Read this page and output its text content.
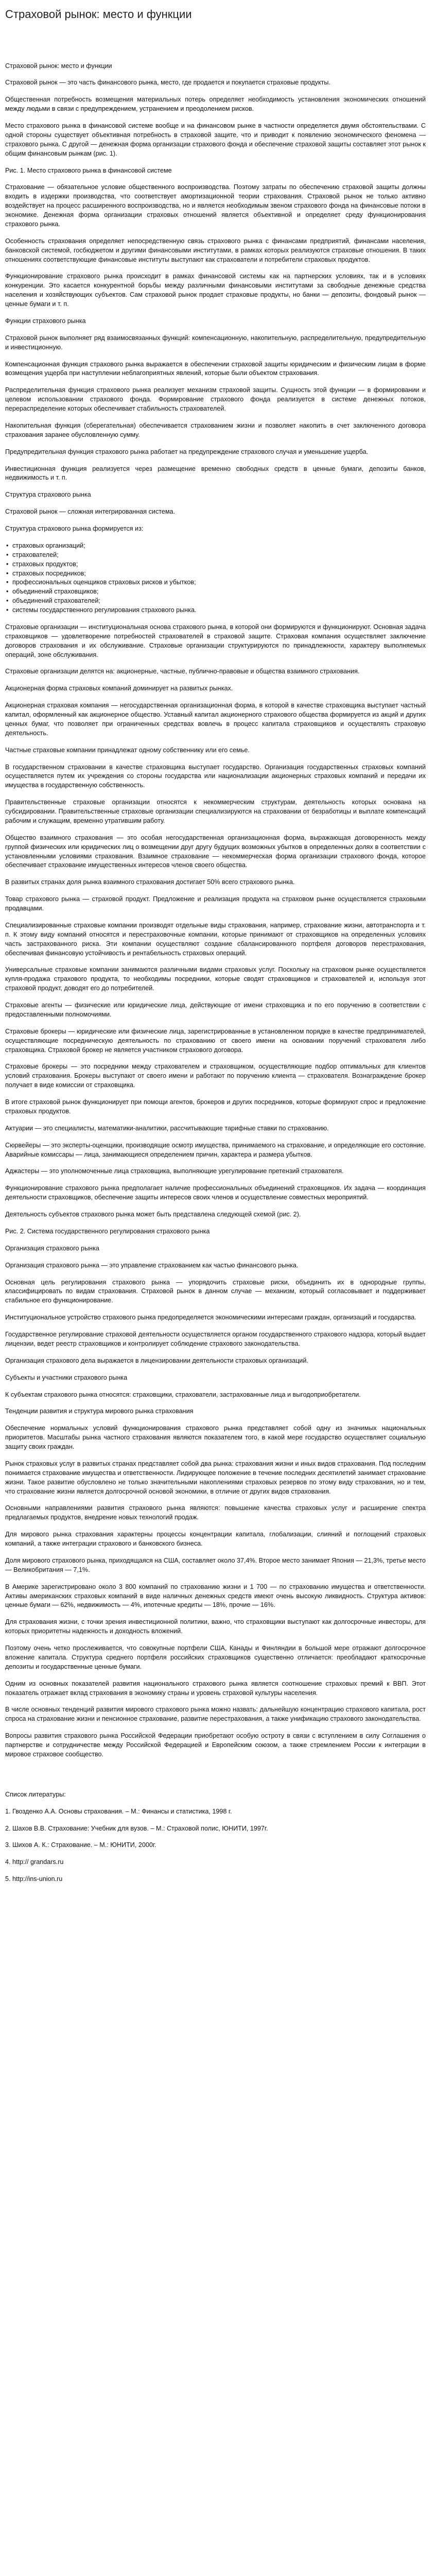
Страховой рынок: место и функции

Страховой рынок: место и функции

Страховой рынок — это часть финансового рынка, место, где продается и покупается страховые продукты.

Общественная потребность возмещения материальных потерь определяет необходимость установления экономических отношений между людьми в связи с предупреждением, устранением и преодолением рисков.

Место страхового рынка в финансовой системе вообще и на финансовом рынке в частности определяется двумя обстоятельствами. С одной стороны существует объективная потребность в страховой защите, что и приводит к появлению экономического феномена — страхового рынка. С другой — денежная форма организации страхового фонда и обеспечение страховой защиты составляет этот рынок к общим финансовым рынкам (рис. 1).

Рис. 1. Место страхового рынка в финансовой системе

Страхование — обязательное условие общественного воспроизводства. Поэтому затраты по обеспечению страховой защиты должны входить в издержки производства, что соответствует амортизационной теории страхования. Страховой рынок не только активно воздействует на процесс расширенного воспроизводства, но и является необходимым звеном страхового фонда на финансовые потоки в экономике. Денежная форма организации страховых отношений является объективной и определяет среду функционирования страхового рынка.

Особенность страхования определяет непосредственную связь страхового рынка с финансами предприятий, финансами населения, банковской системой, госбюджетом и другими финансовыми институтами, в рамках которых реализуются страховые отношения. В таких отношениях соответствующие финансовые институты выступают как страхователи и потребители страховых продуктов.

Функционирование страхового рынка происходит в рамках финансовой системы как на партнерских условиях, так и в условиях конкуренции. Это касается конкурентной борьбы между различными финансовыми институтами за свободные денежные средства населения и хозяйствующих субъектов. Сам страховой рынок продает страховые продукты, но банки — депозиты, фондовый рынок — ценные бумаги и т. п.

Функции страхового рынка

Страховой рынок выполняет ряд взаимосвязанных функций: компенсационную, накопительную, распределительную, предупредительную и инвестиционную.

Компенсационная функция страхового рынка выражается в обеспечении страховой защиты юридическим и физическим лицам в форме возмещения ущерба при наступлении неблагоприятных явлений, которые были объектом страхования.

Распределительная функция страхового рынка реализует механизм страховой защиты. Сущность этой функции — в формировании и целевом использовании страхового фонда. Формирование страхового фонда реализуется в системе денежных потоков, перераспределение которых обеспечивает стабильность страхователей.

Накопительная функция (сберегательная) обеспечивается страхованием жизни и позволяет накопить в счет заключенного договора страхования заранее обусловленную сумму.

Предупредительная функция страхового рынка работает на предупреждение страхового случая и уменьшение ущерба.

Инвестиционная функция реализуется через размещение временно свободных средств в ценные бумаги, депозиты банков, недвижимость и т. п.

Структура страхового рынка

Страховой рынок — сложная интегрированная система.

Структура страхового рынка формируется из:

• страховых организаций;
• страхователей;
• страховых продуктов;
• страховых посредников;
• профессиональных оценщиков страховых рисков и убытков;
• объединений страховщиков;
• объединений страхователей;
• системы государственного регулирования страхового рынка.

Страховые организации — институциональная основа страхового рынка, в которой они формируются и функционируют. Основная задача страховщиков — удовлетворение потребностей страхователей в страховой защите. Страховая компания осуществляет заключение договоров страхования и их обслуживание. Страховые организации структурируются по принадлежности, характеру выполняемых операций, зоне обслуживания.

Страховые организации делятся на: акционерные, частные, публично-правовые и общества взаимного страхования.

Акционерная форма страховых компаний доминирует на развитых рынках.

Акционерная страховая компания — негосударственная организационная форма, в которой в качестве страховщика выступает частный капитал, оформленный как акционерное общество. Уставный капитал акционерного страхового общества формируется из акций и других ценных бумаг, что позволяет при ограниченных средствах вовлечь в процесс капитала страховщиков и осуществлять страховую деятельность.

Частные страховые компании принадлежат одному собственнику или его семье.

В государственном страховании в качестве страховщика выступает государство. Организация государственных страховых компаний осуществляется путем их учреждения со стороны государства или национализации акционерных страховых компаний и передачи их имущества в государственную собственность.

Правительственные страховые организации относятся к некоммерческим структурам, деятельность которых основана на субсидировании. Правительственные страховые организации специализируются на страховании от безработицы и выплате компенсаций рабочим и служащим, временно утратившим работу.

Общество взаимного страхования — это особая негосударственная организационная форма, выражающая договоренность между группой физических или юридических лиц о возмещении друг другу будущих возможных убытков в определенных долях в соответствии с установленными условиями страхования. Взаимное страхование — некоммерческая форма организации страхового фонда, которое обеспечивает страхование имущественных интересов членов своего общества.

В развитых странах доля рынка взаимного страхования достигает 50% всего страхового рынка.

Товар страхового рынка — страховой продукт. Предложение и реализация продукта на страховом рынке осуществляется страховыми продавцами.

Специализированные страховые компании производят отдельные виды страхования, например, страхование жизни, автотранспорта и т. п. К этому виду компаний относятся и перестраховочные компании, которые принимают от страховщиков на определенных условиях часть застрахованного риска. Эти компании осуществляют создание сбалансированного портфеля договоров перестрахования, обеспечивая финансовую устойчивость и рентабельность страховых операций.

Универсальные страховые компании занимаются различными видами страховых услуг. Поскольку на страховом рынке осуществляется купля-продажа страхового продукта, то необходимы посредники, которые сводят страховщиков и страхователей и, используя этот страховой продукт, доводят его до потребителей.

Страховые агенты — физические или юридические лица, действующие от имени страховщика и по его поручению в соответствии с предоставленными полномочиями.

Страховые брокеры — юридические или физические лица, зарегистрированные в установленном порядке в качестве предпринимателей, осуществляющие посредническую деятельность по страхованию от своего имени на основании поручений страхователя либо страховщика. Страховой брокер не является участником страхового договора.

Страховые брокеры — это посредники между страхователем и страховщиком, осуществляющие подбор оптимальных для клиентов условий страхования. Брокеры выступают от своего имени и работают по поручению клиента — страхователя. Вознаграждение брокер получает в виде комиссии от страховщика.

В итоге страховой рынок функционирует при помощи агентов, брокеров и других посредников, которые формируют спрос и предложение страховых продуктов.

Актуарии — это специалисты, математики-аналитики, рассчитывающие тарифные ставки по страхованию.

Сюрвейеры — это эксперты-оценщики, производящие осмотр имущества, принимаемого на страхование, и определяющие его состояние. Аварийные комиссары — лица, занимающиеся определением причин, характера и размера убытков.

Аджастеры — это уполномоченные лица страховщика, выполняющие урегулирование претензий страхователя.

Функционирование страхового рынка предполагает наличие профессиональных объединений страховщиков. Их задача — координация деятельности страховщиков, обеспечение защиты интересов своих членов и осуществление совместных мероприятий.

Деятельность субъектов страхового рынка может быть представлена следующей схемой (рис. 2).

Рис. 2. Система государственного регулирования страхового рынка

Организация страхового рынка

Организация страхового рынка — это управление страхованием как частью финансового рынка.

Основная цель регулирования страхового рынка — упорядочить страховые риски, объединить их в однородные группы, классифицировать по видам страхования. Страховой рынок в данном случае — механизм, который согласовывает и поддерживает стабильное его функционирование.

Институциональное устройство страхового рынка предопределяется экономическими интересами граждан, организаций и государства.

Государственное регулирование страховой деятельности осуществляется органом государственного страхового надзора, который выдает лицензии, ведет реестр страховщиков и контролирует соблюдение страхового законодательства.

Организация страхового дела выражается в лицензировании деятельности страховых организаций.

Субъекты и участники страхового рынка

К субъектам страхового рынка относятся: страховщики, страхователи, застрахованные лица и выгодоприобретатели.

Тенденции развития и структура мирового рынка страхования

Обеспечение нормальных условий функционирования страхового рынка представляет собой одну из значимых национальных приоритетов. Масштабы рынка частного страхования являются показателем того, в какой мере государство осуществляет социальную защиту своих граждан.

Рынок страховых услуг в развитых странах представляет собой два рынка: страхования жизни и иных видов страхования. Под последним понимается страхование имущества и ответственности. Лидирующее положение в течение последних десятилетий занимает страхование жизни. Такое развитие обусловлено не только значительными накоплениями страховых резервов по этому виду страхования, но и тем, что страхование жизни является долгосрочной основой экономики, в отличие от других видов страхования.

Основными направлениями развития страхового рынка являются: повышение качества страховых услуг и расширение спектра предлагаемых продуктов, внедрение новых технологий продаж.

Для мирового рынка страхования характерны процессы концентрации капитала, глобализации, слияний и поглощений страховых компаний, а также интеграции страхового и банковского бизнеса.

Доля мирового страхового рынка, приходящаяся на США, составляет около 37,4%. Второе место занимает Япония — 21,3%, третье место — Великобритания — 7,1%.

В Америке зарегистрировано около 3 800 компаний по страхованию жизни и 1 700 — по страхованию имущества и ответственности. Активы американских страховых компаний в виде наличных денежных средств имеют очень высокую ликвидность. Структура активов: ценные бумаги — 62%, недвижимость — 4%, ипотечные кредиты — 18%, прочие — 16%.

Для страхования жизни, с точки зрения инвестиционной политики, важно, что страховщики выступают как долгосрочные инвесторы, для которых приоритетны надежность и доходность вложений.

Поэтому очень четко прослеживается, что совокупные портфели США, Канады и Финляндии в большой мере отражают долгосрочное вложение капитала. Структура среднего портфеля российских страховщиков существенно отличается: преобладают краткосрочные депозиты и государственные ценные бумаги.

Одним из основных показателей развития национального страхового рынка является соотношение страховых премий к ВВП. Этот показатель отражает вклад страхования в экономику страны и уровень страховой культуры населения.

В числе основных тенденций развития мирового страхового рынка можно назвать: дальнейшую концентрацию страхового капитала, рост спроса на страхование жизни и пенсионное страхование, развитие перестрахования, а также унификацию страхового законодательства.

Вопросы развития страхового рынка Российской Федерации приобретают особую остроту в связи с вступлением в силу Соглашения о партнерстве и сотрудничестве между Российской Федерацией и Европейским союзом, а также стремлением России к интеграции в мировое страховое сообщество.

Список литературы:

1. Гвозденко А.А. Основы страхования. – М.: Финансы и статистика, 1998 г.

2. Шахов В.В. Страхование: Учебник для вузов. – М.: Страховой полис, ЮНИТИ, 1997г.

3. Шихов А. К.: Страхование. – М.: ЮНИТИ, 2000г.

4. http:// grandars.ru

5. http://ins-union.ru
